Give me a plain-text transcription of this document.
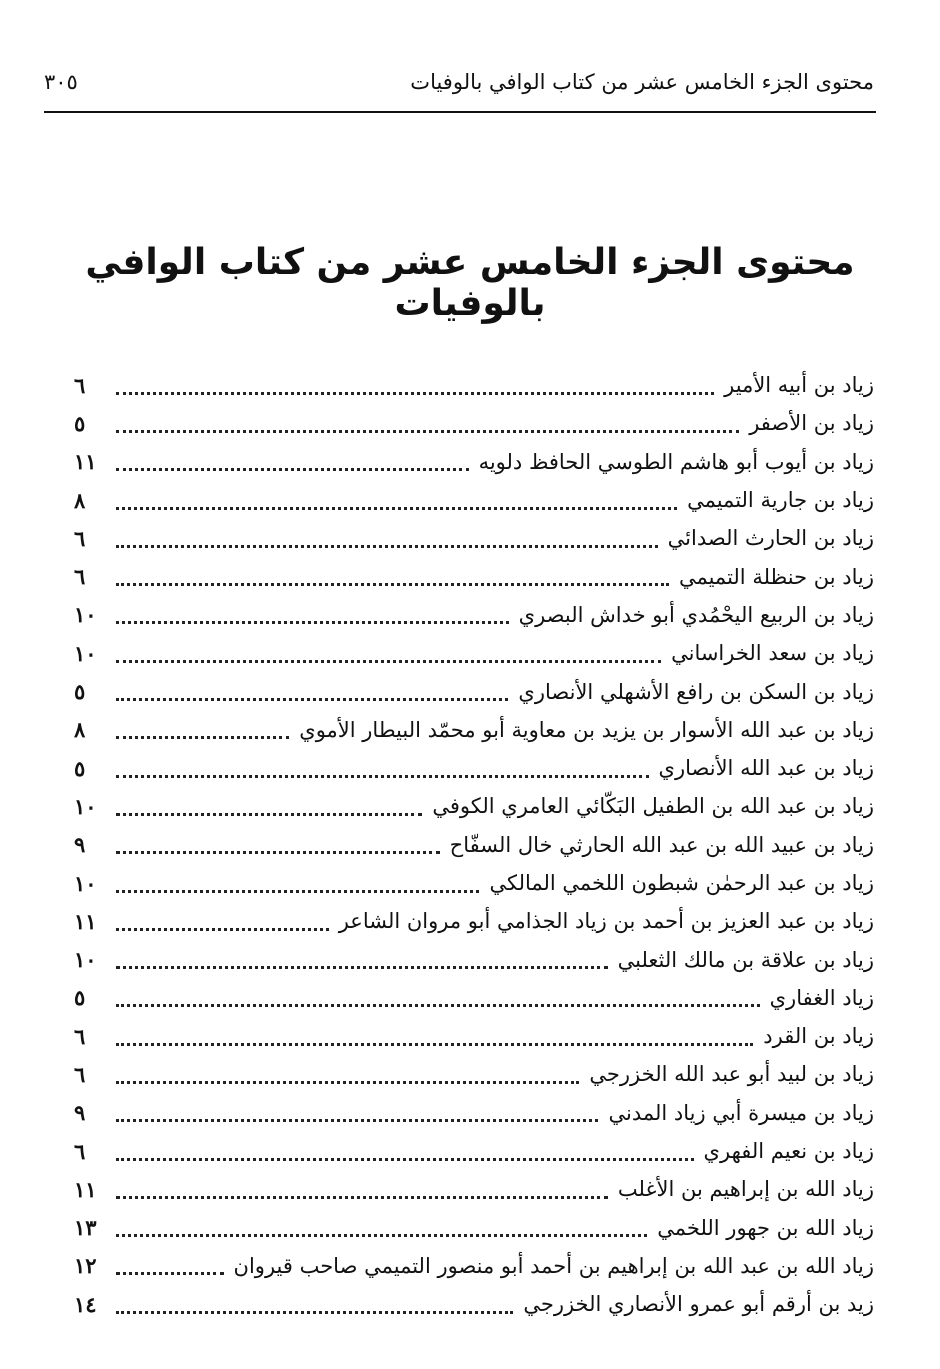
محتوى الجزء الخامس عشر من كتاب الوافي بالوفيات
٣٠٥
محتوى الجزء الخامس عشر من كتاب الوافي بالوفيات
زياد بن أبيه الأمير
٦
زياد بن الأصفر
٥
زياد بن أيوب أبو هاشم الطوسي الحافظ دلويه
١١
زياد بن جارية التميمي
٨
زياد بن الحارث الصدائي
٦
زياد بن حنظلة التميمي
٦
زياد بن الربيع اليحْمُدي أبو خداش البصري
١٠
زياد بن سعد الخراساني
١٠
زياد بن السكن بن رافع الأشهلي الأنصاري
٥
زياد بن عبد الله الأسوار بن يزيد بن معاوية أبو محمّد البيطار الأموي
٨
زياد بن عبد الله الأنصاري
٥
زياد بن عبد الله بن الطفيل البَكّائي العامري الكوفي
١٠
زياد بن عبيد الله بن عبد الله الحارثي خال السفّاح
٩
زياد بن عبد الرحمٰن شبطون اللخمي المالكي
١٠
زياد بن عبد العزيز بن أحمد بن زياد الجذامي أبو مروان الشاعر
١١
زياد بن علاقة بن مالك الثعلبي
١٠
زياد الغفاري
٥
زياد بن القرد
٦
زياد بن لبيد أبو عبد الله الخزرجي
٦
زياد بن ميسرة أبي زياد المدني
٩
زياد بن نعيم الفهري
٦
زياد الله بن إبراهيم بن الأغلب
١١
زياد الله بن جهور اللخمي
١٣
زياد الله بن عبد الله بن إبراهيم بن أحمد أبو منصور التميمي صاحب قيروان
١٢
زيد بن أرقم أبو عمرو الأنصاري الخزرجي
١٤
